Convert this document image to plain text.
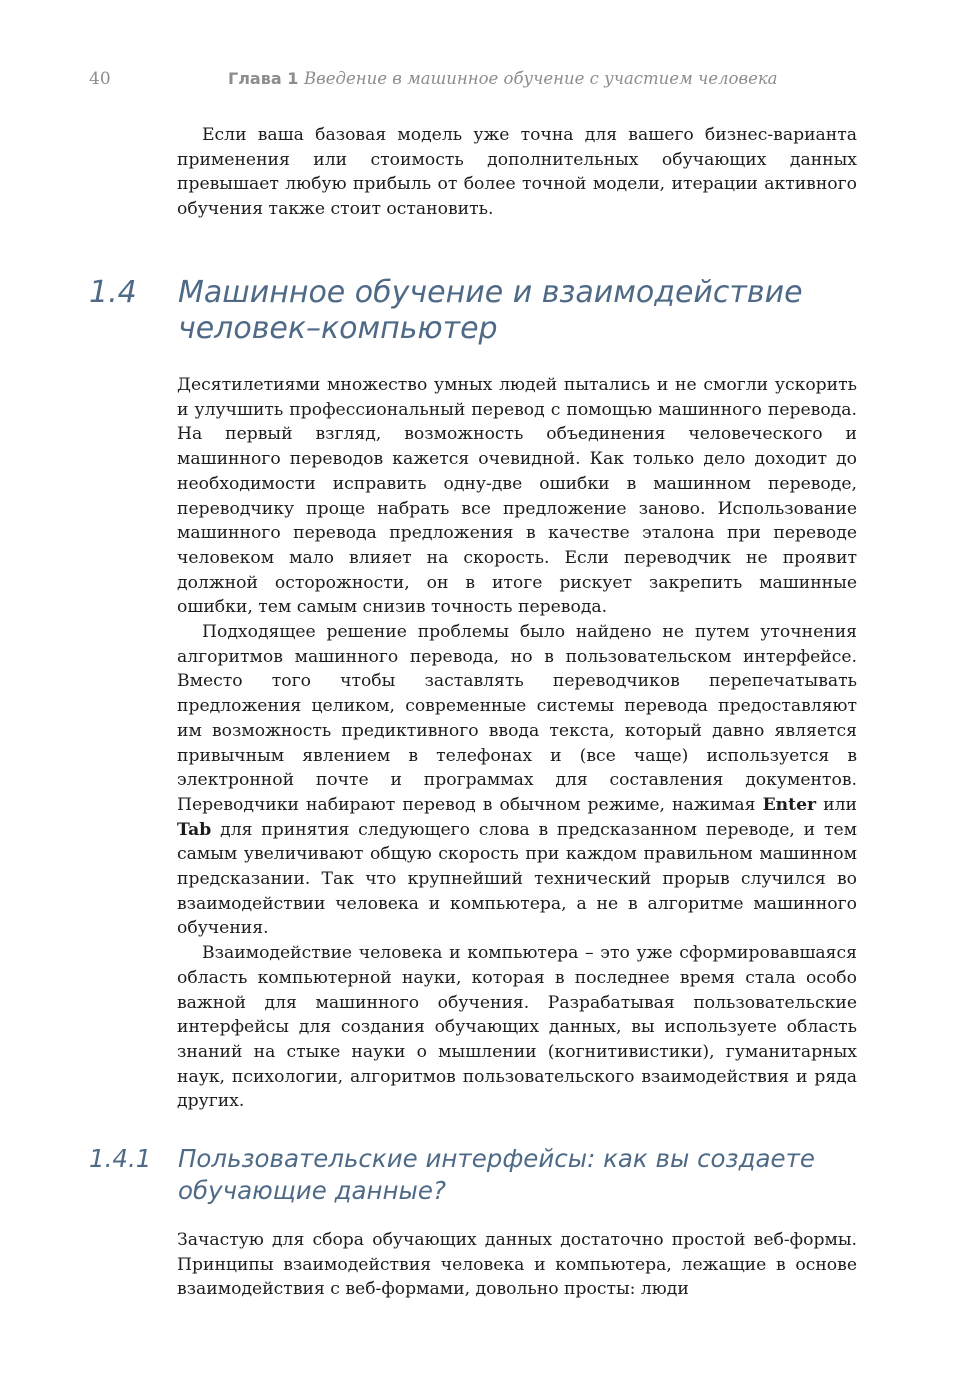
40	Глава 1 Введение в машинное обучение с участием человека

Если ваша базовая модель уже точна для вашего бизнес-варианта применения или стоимость дополнительных обучающих данных превышает любую прибыль от более точной модели, итерации активного обучения также стоит остановить.

1.4 Машинное обучение и взаимодействие человек–компьютер

Десятилетиями множество умных людей пытались и не смогли ускорить и улучшить профессиональный перевод с помощью машинного перевода. На первый взгляд, возможность объединения человеческого и машинного переводов кажется очевидной. Как только дело доходит до необходимости исправить одну-две ошибки в машинном переводе, переводчику проще набрать все предложение заново. Использование машинного перевода предложения в качестве эталона при переводе человеком мало влияет на скорость. Если переводчик не проявит должной осторожности, он в итоге рискует закрепить машинные ошибки, тем самым снизив точность перевода.

Подходящее решение проблемы было найдено не путем уточнения алгоритмов машинного перевода, но в пользовательском интерфейсе. Вместо того чтобы заставлять переводчиков перепечатывать предложения целиком, современные системы перевода предоставляют им возможность предиктивного ввода текста, который давно является привычным явлением в телефонах и (все чаще) используется в электронной почте и программах для составления документов. Переводчики набирают перевод в обычном режиме, нажимая Enter или Tab для принятия следующего слова в предсказанном переводе, и тем самым увеличивают общую скорость при каждом правильном машинном предсказании. Так что крупнейший технический прорыв случился во взаимодействии человека и компьютера, а не в алгоритме машинного обучения.

Взаимодействие человека и компьютера – это уже сформировавшаяся область компьютерной науки, которая в последнее время стала особо важной для машинного обучения. Разрабатывая пользовательские интерфейсы для создания обучающих данных, вы используете область знаний на стыке науки о мышлении (когнитивистики), гуманитарных наук, психологии, алгоритмов пользовательского взаимодействия и ряда других.

1.4.1 Пользовательские интерфейсы: как вы создаете обучающие данные?

Зачастую для сбора обучающих данных достаточно простой веб-формы. Принципы взаимодействия человека и компьютера, лежащие в основе взаимодействия с веб-формами, довольно просты: люди
